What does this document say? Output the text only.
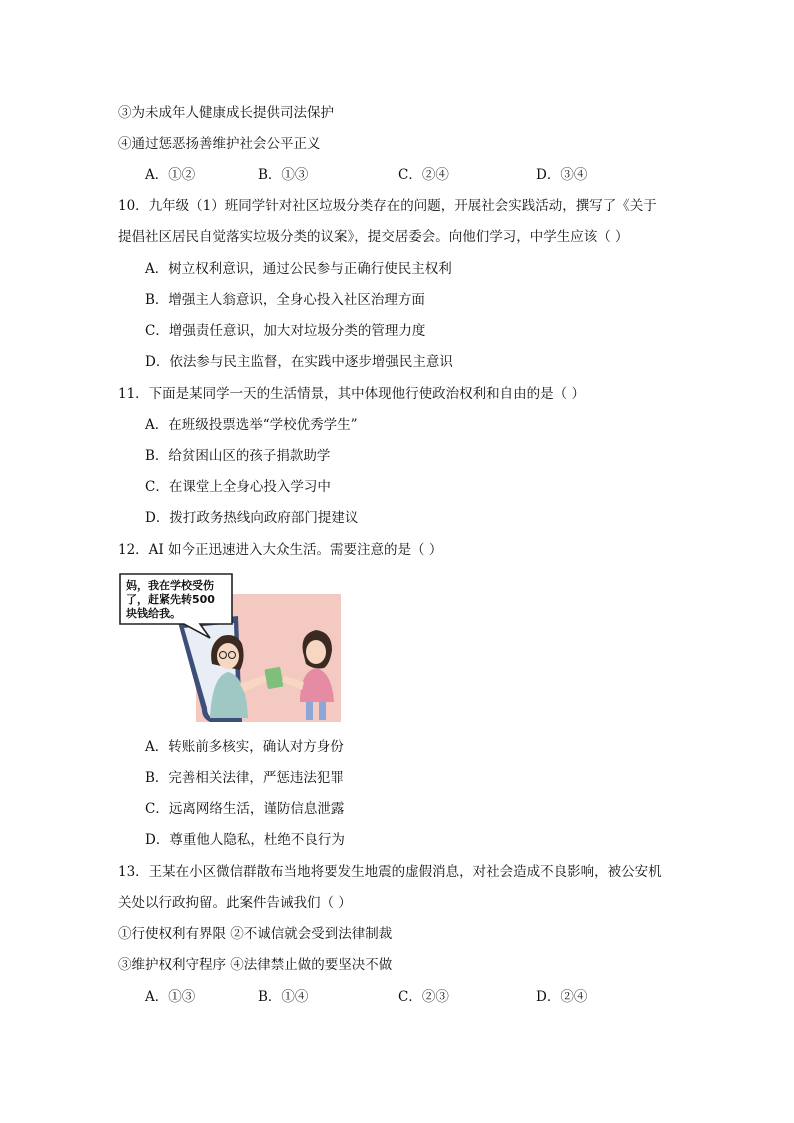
③为未成年人健康成长提供司法保护
④通过惩恶扬善维护社会公平正义
A．①②	B．①③	C．②④	D．③④
10．九年级（1）班同学针对社区垃圾分类存在的问题，开展社会实践活动，撰写了《关于
提倡社区居民自觉落实垃圾分类的议案》，提交居委会。向他们学习，中学生应该（ ）
A．树立权利意识，通过公民参与正确行使民主权利
B．增强主人翁意识，全身心投入社区治理方面
C．增强责任意识，加大对垃圾分类的管理力度
D．依法参与民主监督，在实践中逐步增强民主意识
11．下面是某同学一天的生活情景，其中体现他行使政治权利和自由的是（ ）
A．在班级投票选举“学校优秀学生”
B．给贫困山区的孩子捐款助学
C．在课堂上全身心投入学习中
D．拨打政务热线向政府部门提建议
12．AI 如今正迅速进入大众生活。需要注意的是（ ）
妈，我在学校受伤
了，赶紧先转500
块钱给我。
A．转账前多核实，确认对方身份
B．完善相关法律，严惩违法犯罪
C．远离网络生活，谨防信息泄露
D．尊重他人隐私，杜绝不良行为
13．王某在小区微信群散布当地将要发生地震的虚假消息，对社会造成不良影响，被公安机
关处以行政拘留。此案件告诫我们（ ）
①行使权利有界限 ②不诚信就会受到法律制裁
③维护权利守程序 ④法律禁止做的要坚决不做
A．①③	B．①④	C．②③	D．②④
